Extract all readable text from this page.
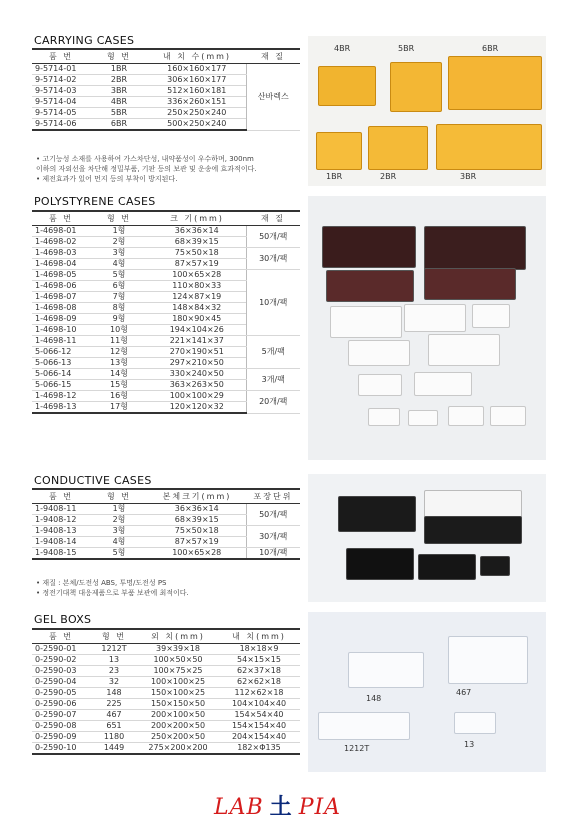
CARRYING CASES
품 번	형 번	내 치 수(mm)	재 질
9-5714-01	1BR	160×160×177	산바렉스
9-5714-02	2BR	306×160×177	
9-5714-03	3BR	512×160×181	
9-5714-04	4BR	336×260×151	
9-5714-05	5BR	250×250×240	
9-5714-06	6BR	500×250×240	
• 고기능성 소재를 사용하여 가스차단성, 내약품성이 우수하며, 300nm
이하의 자외선을 차단해 정밀부품, 기판 등의 보관 및 운송에 효과적이다.
• 제전효과가 있어 먼지 등의 부착이 방지된다.
4BR	5BR	6BR
1BR	2BR	3BR
POLYSTYRENE CASES
품 번	형 번	크 기(mm)	재 질
1-4698-01	1형	36×36×14	50개/팩
1-4698-02	2형	68×39×15	
1-4698-03	3형	75×50×18	30개/팩
1-4698-04	4형	87×57×19	
1-4698-05	5형	100×65×28	10개/팩
1-4698-06	6형	110×80×33	
1-4698-07	7형	124×87×19	
1-4698-08	8형	148×84×32	
1-4698-09	9형	180×90×45	
1-4698-10	10형	194×104×26	
1-4698-11	11형	221×141×37	5개/팩
5-066-12	12형	270×190×51	
5-066-13	13형	297×210×50	
5-066-14	14형	330×240×50	3개/팩
5-066-15	15형	363×263×50	
1-4698-12	16형	100×100×29	20개/팩
1-4698-13	17형	120×120×32	
CONDUCTIVE CASES
품 번	형 번	본체크기(mm)	포장단위
1-9408-11	1형	36×36×14	50개/팩
1-9408-12	2형	68×39×15	
1-9408-13	3형	75×50×18	30개/팩
1-9408-14	4형	87×57×19	
1-9408-15	5형	100×65×28	10개/팩
• 재질 : 본체/도전성 ABS, 투명/도전성 PS
• 정전기대책 대응제품으로 부품 보관에 최적이다.
GEL BOXS
품 번	형 번	외 치(mm)	내 치(mm)
0-2590-01	1212T	39×39×18	18×18×9
0-2590-02	13	100×50×50	54×15×15
0-2590-03	23	100×75×25	62×37×18
0-2590-04	32	100×100×25	62×62×18
0-2590-05	148	150×100×25	112×62×18
0-2590-06	225	150×150×50	104×104×40
0-2590-07	467	200×100×50	154×54×40
0-2590-08	651	200×200×50	154×154×40
0-2590-09	1180	250×200×50	204×154×40
0-2590-10	1449	275×200×200	182×Φ135
148
467
1212T	13
LAB 土 PIA
